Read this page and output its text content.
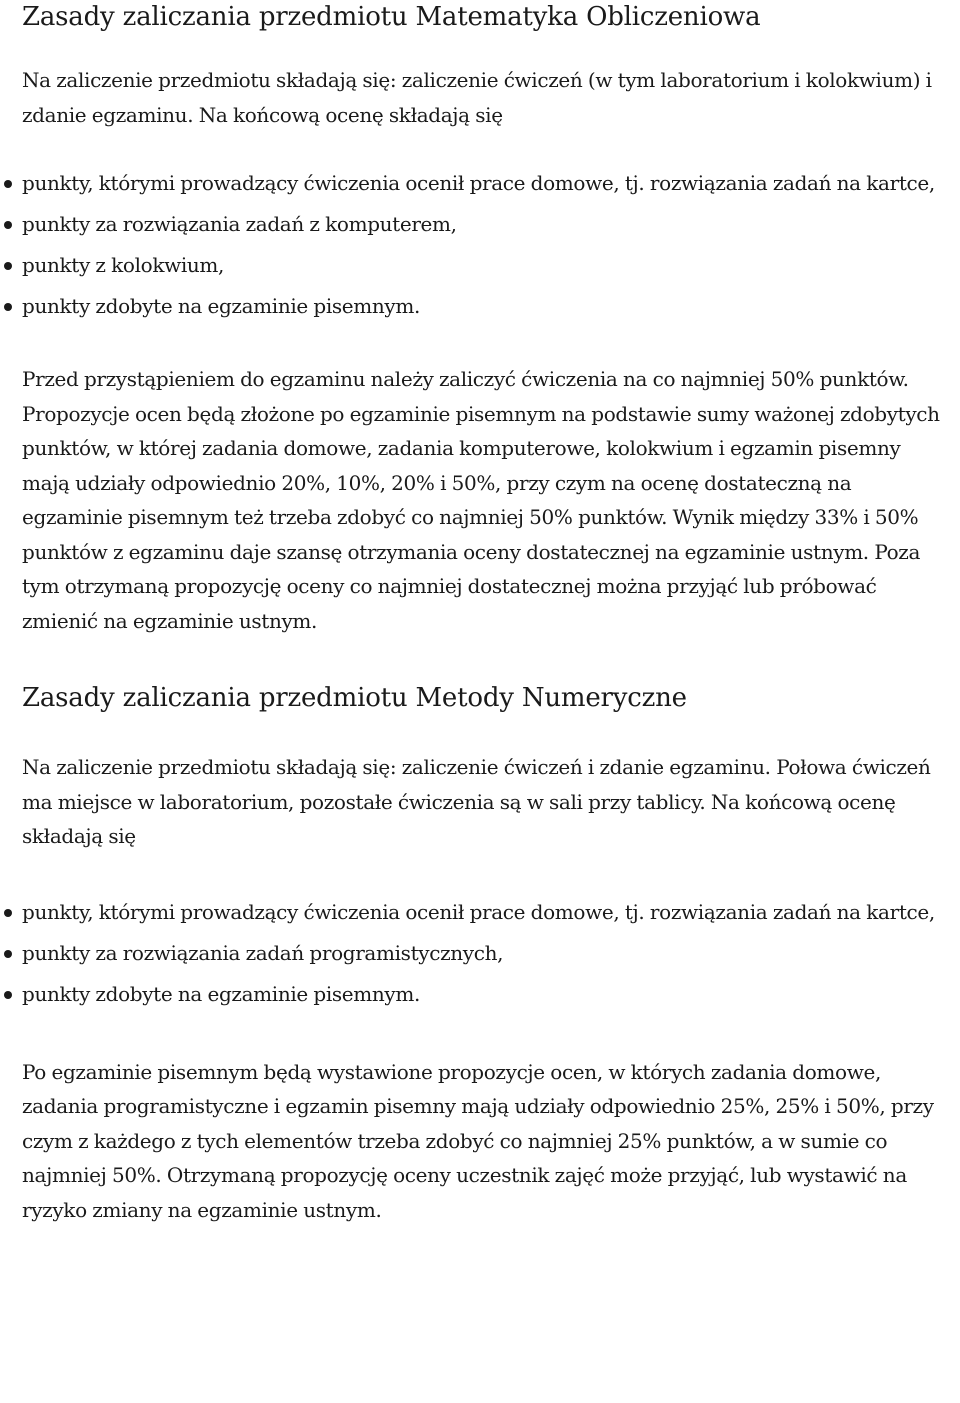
Zasady zaliczania przedmiotu Matematyka Obliczeniowa

Na zaliczenie przedmiotu składają się: zaliczenie ćwiczeń (w tym laboratorium i kolokwium) i zdanie egzaminu. Na końcową ocenę składają się

punkty, którymi prowadzący ćwiczenia ocenił prace domowe, tj. rozwiązania zadań na kartce,
punkty za rozwiązania zadań z komputerem,
punkty z kolokwium,
punkty zdobyte na egzaminie pisemnym.

Przed przystąpieniem do egzaminu należy zaliczyć ćwiczenia na co najmniej 50% punktów. Propozycje ocen będą złożone po egzaminie pisemnym na podstawie sumy ważonej zdobytych punktów, w której zadania domowe, zadania komputerowe, kolokwium i egzamin pisemny mają udziały odpowiednio 20%, 10%, 20% i 50%, przy czym na ocenę dostateczną na egzaminie pisemnym też trzeba zdobyć co najmniej 50% punktów. Wynik między 33% i 50% punktów z egzaminu daje szansę otrzymania oceny dostatecznej na egzaminie ustnym. Poza tym otrzymaną propozycję oceny co najmniej dostatecznej można przyjąć lub próbować zmienić na egzaminie ustnym.

Zasady zaliczania przedmiotu Metody Numeryczne

Na zaliczenie przedmiotu składają się: zaliczenie ćwiczeń i zdanie egzaminu. Połowa ćwiczeń ma miejsce w laboratorium, pozostałe ćwiczenia są w sali przy tablicy. Na końcową ocenę składają się

punkty, którymi prowadzący ćwiczenia ocenił prace domowe, tj. rozwiązania zadań na kartce,
punkty za rozwiązania zadań programistycznych,
punkty zdobyte na egzaminie pisemnym.

Po egzaminie pisemnym będą wystawione propozycje ocen, w których zadania domowe, zadania programistyczne i egzamin pisemny mają udziały odpowiednio 25%, 25% i 50%, przy czym z każdego z tych elementów trzeba zdobyć co najmniej 25% punktów, a w sumie co najmniej 50%. Otrzymaną propozycję oceny uczestnik zajęć może przyjąć, lub wystawić na ryzyko zmiany na egzaminie ustnym.
